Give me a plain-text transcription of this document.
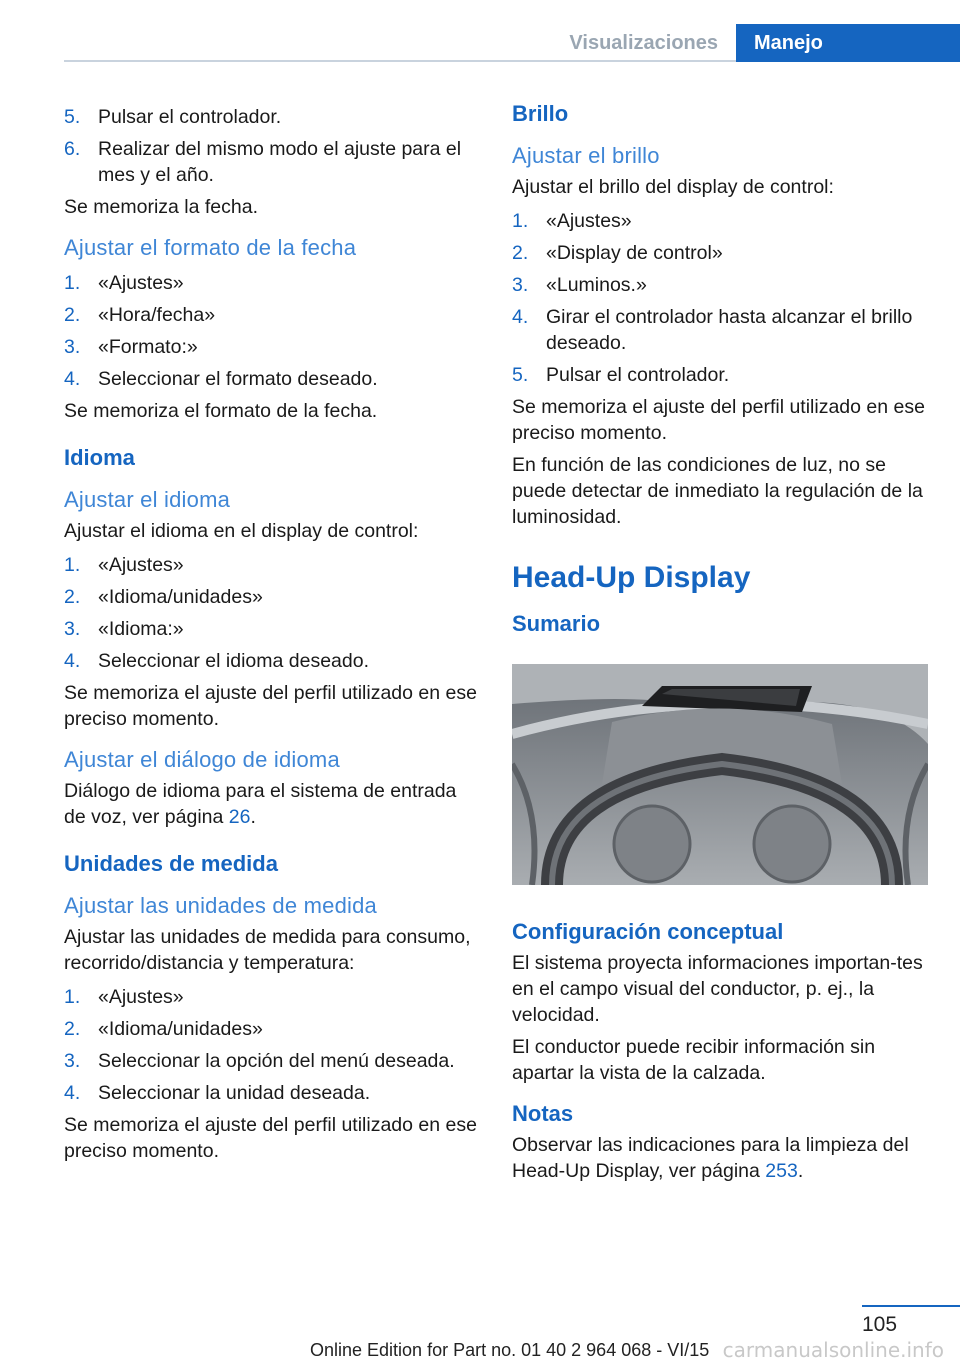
Visualizaciones	Manejo
5. Pulsar el controlador.
6. Realizar del mismo modo el ajuste para el mes y el año.

Se memoriza la fecha.

Ajustar el formato de la fecha
1. «Ajustes»
2. «Hora/fecha»
3. «Formato:»
4. Seleccionar el formato deseado.

Se memoriza el formato de la fecha.

Idioma
Ajustar el idioma

Ajustar el idioma en el display de control:

1. «Ajustes»
2. «Idioma/unidades»
3. «Idioma:»
4. Seleccionar el idioma deseado.

Se memoriza el ajuste del perfil utilizado en ese preciso momento.

Ajustar el diálogo de idioma

Diálogo de idioma para el sistema de entrada de voz, ver página 26.

Unidades de medida
Ajustar las unidades de medida

Ajustar las unidades de medida para consumo, recorrido/distancia y temperatura:

1. «Ajustes»
2. «Idioma/unidades»
3. Seleccionar la opción del menú deseada.
4. Seleccionar la unidad deseada.

Se memoriza el ajuste del perfil utilizado en ese preciso momento.

Brillo
Ajustar el brillo

Ajustar el brillo del display de control:

1. «Ajustes»
2. «Display de control»
3. «Luminos.»
4. Girar el controlador hasta alcanzar el brillo deseado.
5. Pulsar el controlador.

Se memoriza el ajuste del perfil utilizado en ese preciso momento.

En función de las condiciones de luz, no se puede detectar de inmediato la regulación de la luminosidad.

Head-Up Display
Sumario
Configuración conceptual

El sistema proyecta informaciones importan‐tes en el campo visual del conductor, p. ej., la velocidad.

El conductor puede recibir información sin apartar la vista de la calzada.

Notas

Observar las indicaciones para la limpieza del Head-Up Display, ver página 253.

105
Online Edition for Part no. 01 40 2 964 068 - VI/15 carmanualsonline.info
